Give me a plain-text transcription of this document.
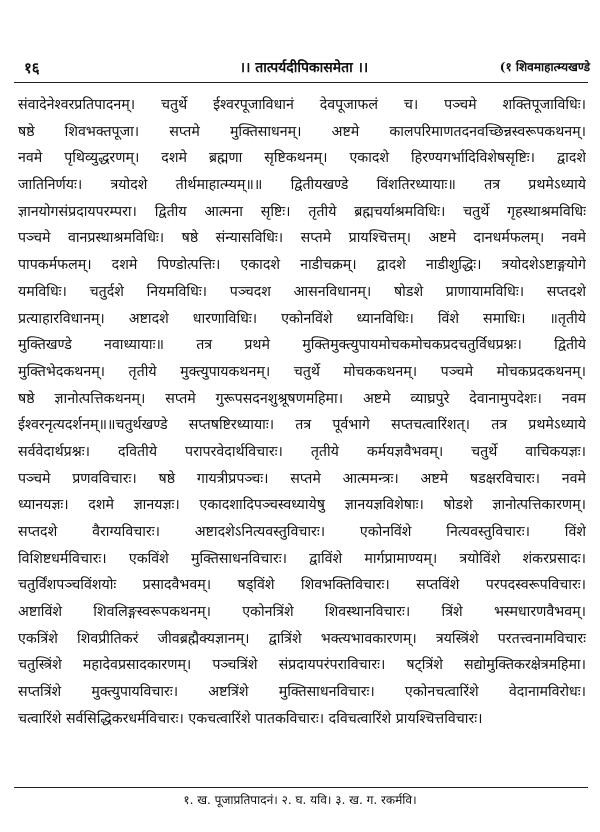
१६	।। तात्पर्यदीपिकासमेता ।।	(१ शिवमाहात्म्यखण्डे
संवादेनेश्वरप्रतिपादनम्। चतुर्थे ईश्वरपूजाविधानं देवपूजाफलं च। पञ्चमे शक्तिपूजाविधिः।
षष्ठे शिवभक्तपूजा। सप्तमे मुक्तिसाधनम्। अष्टमे कालपरिमाणतदनवच्छिन्नस्वरूपकथनम्।
नवमे पृथिव्युद्धरणम्। दशमे ब्रह्मणा सृष्टिकथनम्। एकादशे हिरण्यगर्भादिविशेषसृष्टिः। द्वादशे
जातिनिर्णयः। त्रयोदशे तीर्थमाहात्म्यम्॥॥ द्वितीयखण्डे विंशतिरध्यायाः॥ तत्र प्रथमेऽध्याये
ज्ञानयोगसंप्रदायपरम्परा। द्वितीय आत्मना सृष्टिः। तृतीये ब्रह्मचर्याश्रमविधिः। चतुर्थे गृहस्थाश्रमविधिः
पञ्चमे वानप्रस्थाश्रमविधिः। षष्ठे संन्यासविधिः। सप्तमे प्रायश्चित्तम्। अष्टमे दानधर्मफलम्। नवमे
पापकर्मफलम्। दशमे पिण्डोत्पत्तिः। एकादशे नाडीचक्रम्। द्वादशे नाडीशुद्धिः। त्रयोदशेऽष्टाङ्गयोगे
यमविधिः। चतुर्दशे नियमविधिः। पञ्चदश आसनविधानम्। षोडशे प्राणायामविधिः। सप्तदशे
प्रत्याहारविधानम्। अष्टादशे धारणाविधिः। एकोनविंशे ध्यानविधिः। विंशे समाधिः। ॥तृतीये
मुक्तिखण्डे नवाध्यायाः॥ तत्र प्रथमे मुक्तिमुक्त्युपायमोचकमोचकप्रदचतुर्विधप्रश्नः। द्वितीये
मुक्तिभेदकथनम्। तृतीये मुक्त्युपायकथनम्। चतुर्थे मोचककथनम्। पञ्चमे मोचकप्रदकथनम्।
षष्ठे ज्ञानोत्पत्तिकथनम्। सप्तमे गुरूपसदनशुश्रूषणमहिमा। अष्टमे व्याघ्रपुरे देवानामुपदेशः। नवम
ईश्वरनृत्यदर्शनम्॥॥चतुर्थखण्डे सप्तषष्टिरध्यायाः। तत्र पूर्वभागे सप्तचत्वारिंशत्। तत्र प्रथमेऽध्याये
सर्ववेदार्थप्रश्नः। दवितीये परापरवेदार्थविचारः। तृतीये कर्मयज्ञवैभवम्। चतुर्थे वाचिकयज्ञः।
पञ्चमे प्रणवविचारः। षष्ठे गायत्रीप्रपञ्चः। सप्तमे आत्ममन्त्रः। अष्टमे षडक्षरविचारः। नवमे
ध्यानयज्ञः। दशमे ज्ञानयज्ञः। एकादशादिपञ्चस्वध्यायेषु ज्ञानयज्ञविशेषाः। षोडशे ज्ञानोत्पत्तिकारणम्।
सप्तदशे वैराग्यविचारः। अष्टादशेऽनित्यवस्तुविचारः। एकोनविंशे नित्यवस्तुविचारः। विंशे
विशिष्टधर्मविचारः। एकविंशे मुक्तिसाधनविचारः। द्वाविंशे मार्गप्रामाण्यम्। त्रयोविंशे शंकरप्रसादः।
चतुर्विंशपञ्चविंशयोः प्रसादवैभवम्। षड्विंशे शिवभक्तिविचारः। सप्तविंशे परपदस्वरूपविचारः।
अष्टाविंशे शिवलिङ्गस्वरूपकथनम्। एकोनत्रिंशे शिवस्थानविचारः। त्रिंशे भस्मधारणवैभवम्।
एकत्रिंशे शिवप्रीतिकरं जीवब्रह्मैक्यज्ञानम्। द्वात्रिंशे भक्त्यभावकारणम्। त्रयस्त्रिंशे परतत्त्वनामविचारः
चतुस्त्रिंशे महादेवप्रसादकारणम्। पञ्चत्रिंशे संप्रदायपरंपराविचारः। षट्त्रिंशे सद्योमुक्तिकरक्षेत्रमहिमा।
सप्तत्रिंशे मुक्त्युपायविचारः। अष्टत्रिंशे मुक्तिसाधनविचारः। एकोनचत्वारिंशे वेदानामविरोधः।
चत्वारिंशे सर्वसिद्धिकरधर्मविचारः। एकचत्वारिंशे पातकविचारः। दविचत्वारिंशे प्रायश्चित्तविचारः।
१. ख. पूजाप्रतिपादनं। २. घ. यवि। ३. ख. ग. रकर्मवि।
